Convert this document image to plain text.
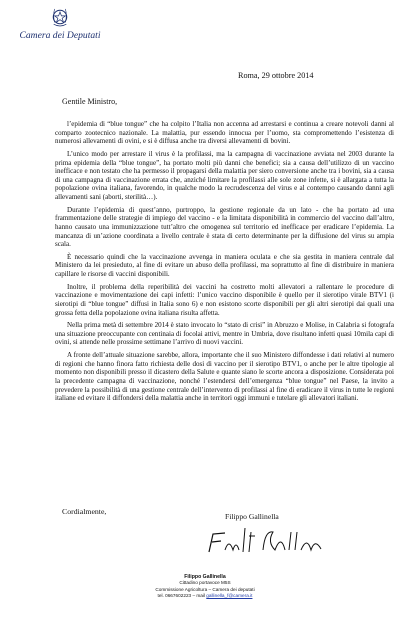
Camera dei Deputati
Roma, 29 ottobre 2014
Gentile Ministro,

l’epidemia di “blue tongue” che ha colpito l’Italia non accenna ad arrestarsi e continua a creare notevoli danni al comparto zootecnico nazionale. La malattia, pur essendo innocua per l’uomo, sta compromettendo l’esistenza di numerosi allevamenti di ovini, e si è diffusa anche tra diversi allevamenti di bovini.

L’unico modo per arrestare il virus è la profilassi, ma la campagna di vaccinazione avviata nel 2003 durante la prima epidemia della “blue tongue”, ha portato molti più danni che benefici; sia a causa dell’utilizzo di un vaccino inefficace e non testato che ha permesso il propagarsi della malattia per siero conversione anche tra i bovini, sia a causa di una campagna di vaccinazione errata che, anziché limitare la profilassi alle sole zone infette, si è allargata a tutta la popolazione ovina italiana, favorendo, in qualche modo la recrudescenza del virus e al contempo causando danni agli allevamenti sani (aborti, sterilità…).

Durante l’epidemia di quest’anno, purtroppo, la gestione regionale da un lato - che ha portato ad una frammentazione delle strategie di impiego del vaccino - e la limitata disponibilità in commercio del vaccino dall’altro, hanno causato una immunizzazione tutt’altro che omogenea sul territorio ed inefficace per eradicare l’epidemia. La mancanza di un’azione coordinata a livello centrale è stata di certo determinante per la diffusione del virus su ampia scala.

È necessario quindi che la vaccinazione avvenga in maniera oculata e che sia gestita in maniera centrale dal Ministero da lei presieduto, al fine di evitare un abuso della profilassi, ma soprattutto al fine di distribuire in maniera capillare le risorse di vaccini disponibili.

Inoltre, il problema della reperibilità dei vaccini ha costretto molti allevatori a rallentare le procedure di vaccinazione e movimentazione dei capi infetti: l’unico vaccino disponibile è quello per il sierotipo virale BTV1 (i sierotipi di “blue tongue” diffusi in Italia sono 6) e non esistono scorte disponibili per gli altri sierotipi dai quali una grossa fetta della popolazione ovina italiana risulta affetta.

Nella prima metà di settembre 2014 è stato invocato lo “stato di crisi” in Abruzzo e Molise, in Calabria si fotografa una situazione preoccupante con centinaia di focolai attivi, mentre in Umbria, dove risultano infetti quasi 10mila capi di ovini, si attende nelle prossime settimane l’arrivo di nuovi vaccini.

A fronte dell’attuale situazione sarebbe, allora, importante che il suo Ministero diffondesse i dati relativi al numero di regioni che hanno finora fatto richiesta delle dosi di vaccino per il sierotipo BTV1, o anche per le altre tipologie al momento non disponibili presso il dicastero della Salute e quante siano le scorte ancora a disposizione. Considerata poi la precedente campagna di vaccinazione, nonché l’estendersi dell’emergenza “blue tongue” nel Paese, la invito a prevedere la possibilità di una gestione centrale dell’intervento di profilassi al fine di eradicare il virus in tutte le regioni italiane ed evitare il diffondersi della malattia anche in territori oggi immuni e tutelare gli allevatori italiani.

Cordialmente,
Filippo Gallinella
Filippo Gallinella
Cittadino portavoce M5S
Commissione Agricoltura – Camera dei deputati
tel. 0667602223 – mail gallinella_f@camera.it
